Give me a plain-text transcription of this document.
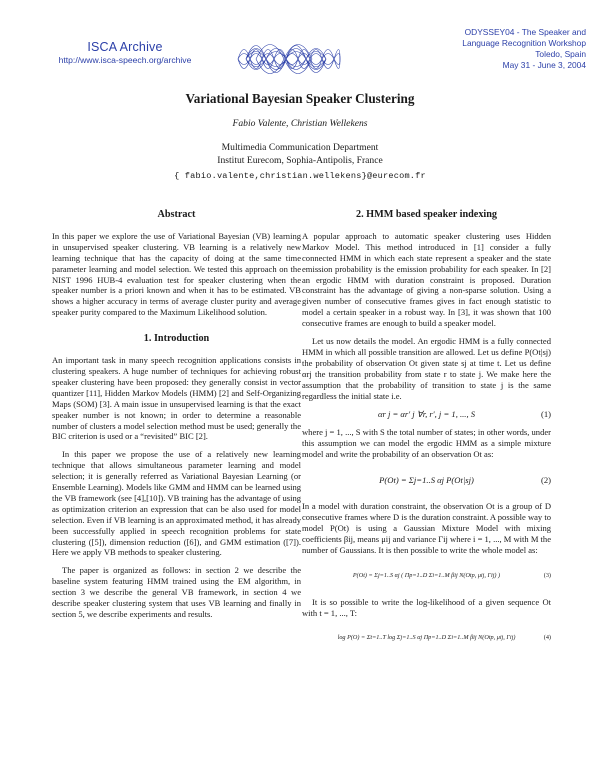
ISCA Archive
http://www.isca-speech.org/archive
ODYSSEY04 - The Speaker and
Language Recognition Workshop
Toledo, Spain
May 31 - June 3, 2004
Variational Bayesian Speaker Clustering
Fabio Valente, Christian Wellekens
Multimedia Communication Department
Institut Eurecom, Sophia-Antipolis, France
{ fabio.valente,christian.wellekens}@eurecom.fr
Abstract

In this paper we explore the use of Variational Bayesian (VB) learning in unsupervised speaker clustering. VB learning is a relatively new learning technique that has the capacity of doing at the same time parameter learning and model selection. We tested this approach on the NIST 1996 HUB-4 evaluation test for speaker clustering when the speaker number is a priori known and when it has to be estimated. VB shows a higher accuracy in terms of average cluster purity and average speaker purity compared to the Maximum Likelihood solution.

1. Introduction

An important task in many speech recognition applications consists in clustering speakers. A huge number of techniques for achieving robust speaker clustering have been proposed: they generally consist in vector quantizer [11], Hidden Markov Models (HMM) [2] and Self-Organizing Maps (SOM) [3]. A main issue in unsupervised learning is that the exact speaker number is not known; in order to determine a reasonable number of clusters a model selection method must be used; generally the BIC criterion is used or a “revisited” BIC [2].

In this paper we propose the use of a relatively new learning technique that allows simultaneous parameter learning and model selection; it is generally referred as Variational Bayesian Learning (or Ensemble Learning). Models like GMM and HMM can be learned using the VB framework (see [4],[10]). VB training has the advantage of using as optimization criterion an expression that can be also used for model selection. Even if VB learning is an approximated method, it has already been successfully applied in speech recognition problems for state clustering ([5]), dimension reduction ([6]), and GMM estimation ([7]). Here we apply VB methods to speaker clustering.

The paper is organized as follows: in section 2 we describe the baseline system featuring HMM trained using the EM algorithm, in section 3 we describe the general VB framework, in section 4 we describe speaker clustering system that uses VB learning and finally in section 5, we describe experiments and results.

2. HMM based speaker indexing

A popular approach to automatic speaker clustering uses Hidden Markov Model. This method introduced in [1] consider a fully connected HMM in which each state represent a speaker and the state emission probability is the emission probability for each speaker. In [2] an ergodic HMM with duration constraint is proposed. Duration constraint has the advantage of giving a non-sparse solution. Using a given number of consecutive frames gives in fact enough statistic to model a certain speaker in a robust way. In [3], it was shown that 100 consecutive frames are enough to build a speaker model.

Let us now details the model. An ergodic HMM is a fully connected HMM in which all possible transition are allowed. Let us define P(Ot|sj) the probability of observation Ot given state sj at time t. Let us define αrj the transition probability from state r to state j. We make here the assumption that the probability of transition to state j is the same regardless the initial state i.e.

αr j = αr′ j ∀r, r′, j = 1, ..., S	(1)

where j = 1, ..., S with S the total number of states; in other words, under this assumption we can model the ergodic HMM as a simple mixture model and write the probability of an observation Ot as:

P(Ot) = Σj=1..S αj P(Ot|sj)	(2)

In a model with duration constraint, the observation Ot is a group of D consecutive frames where D is the duration constraint. A possible way to model P(Ot) is using a Gaussian Mixture Model with mixing coefficients βij, means μij and variance Γij where i = 1, ..., M with M the number of Gaussians. It is then possible to write the whole model as:

P(Ot) = Σj=1..S αj ( Πp=1..D Σi=1..M βij N(Otp, μij, Γij) )	(3)

It is so possible to write the log-likelihood of a given sequence Ot with t = 1, ..., T:

log P(O) = Σt=1..T log Σj=1..S αj Πp=1..D Σi=1..M βij N(Otp, μij, Γij)	(4)
